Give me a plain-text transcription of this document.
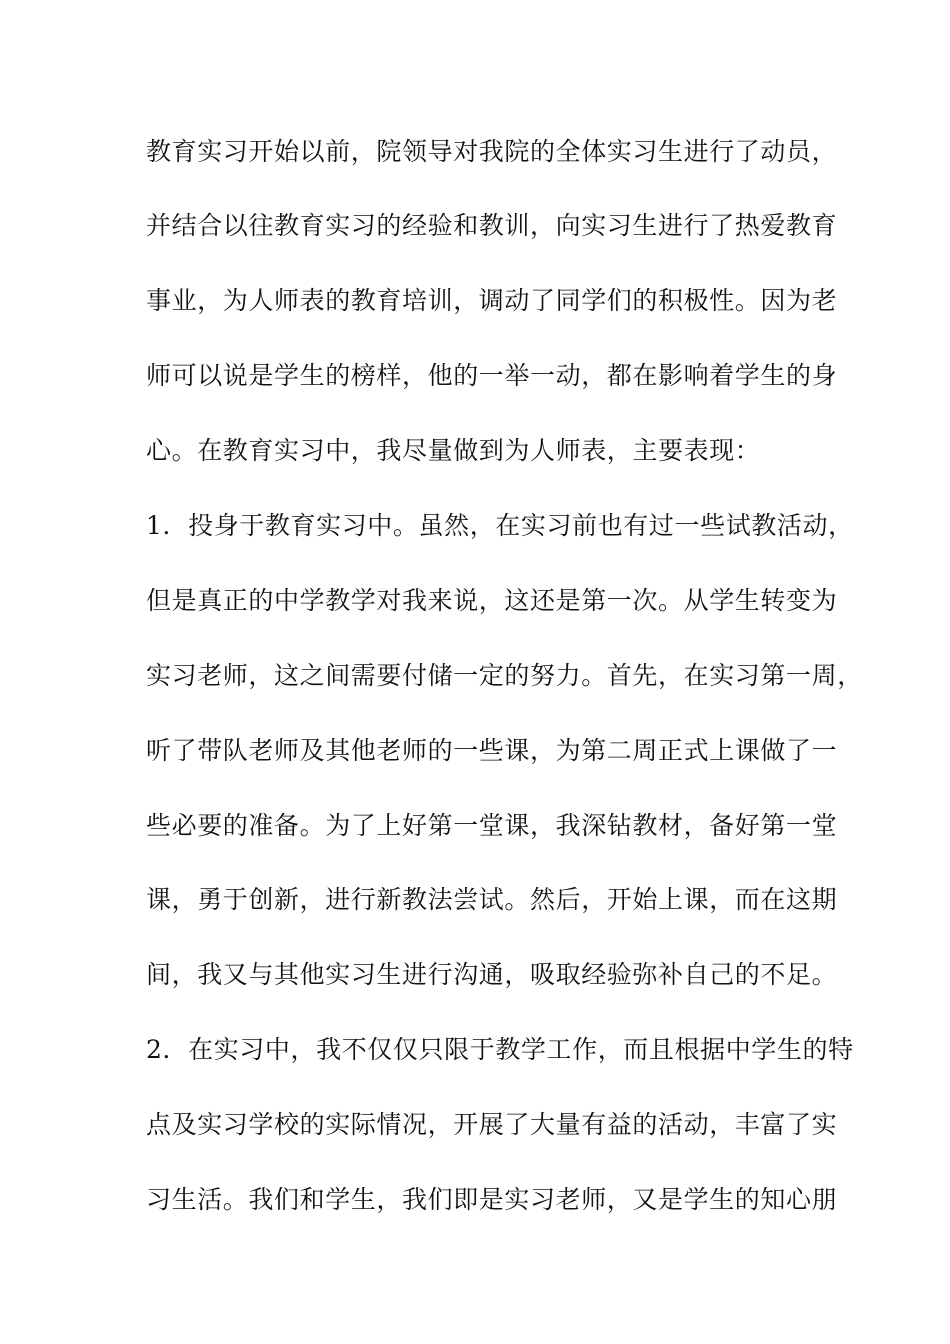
教育实习开始以前，院领导对我院的全体实习生进行了动员，
并结合以往教育实习的经验和教训，向实习生进行了热爱教育
事业，为人师表的教育培训，调动了同学们的积极性。因为老
师可以说是学生的榜样，他的一举一动，都在影响着学生的身
心。在教育实习中，我尽量做到为人师表，主要表现：
1．投身于教育实习中。虽然，在实习前也有过一些试教活动，
但是真正的中学教学对我来说，这还是第一次。从学生转变为
实习老师，这之间需要付储一定的努力。首先，在实习第一周，
听了带队老师及其他老师的一些课，为第二周正式上课做了一
些必要的准备。为了上好第一堂课，我深钻教材，备好第一堂
课，勇于创新，进行新教法尝试。然后，开始上课，而在这期
间，我又与其他实习生进行沟通，吸取经验弥补自己的不足。
2．在实习中，我不仅仅只限于教学工作，而且根据中学生的特
点及实习学校的实际情况，开展了大量有益的活动，丰富了实
习生活。我们和学生，我们即是实习老师，又是学生的知心朋
